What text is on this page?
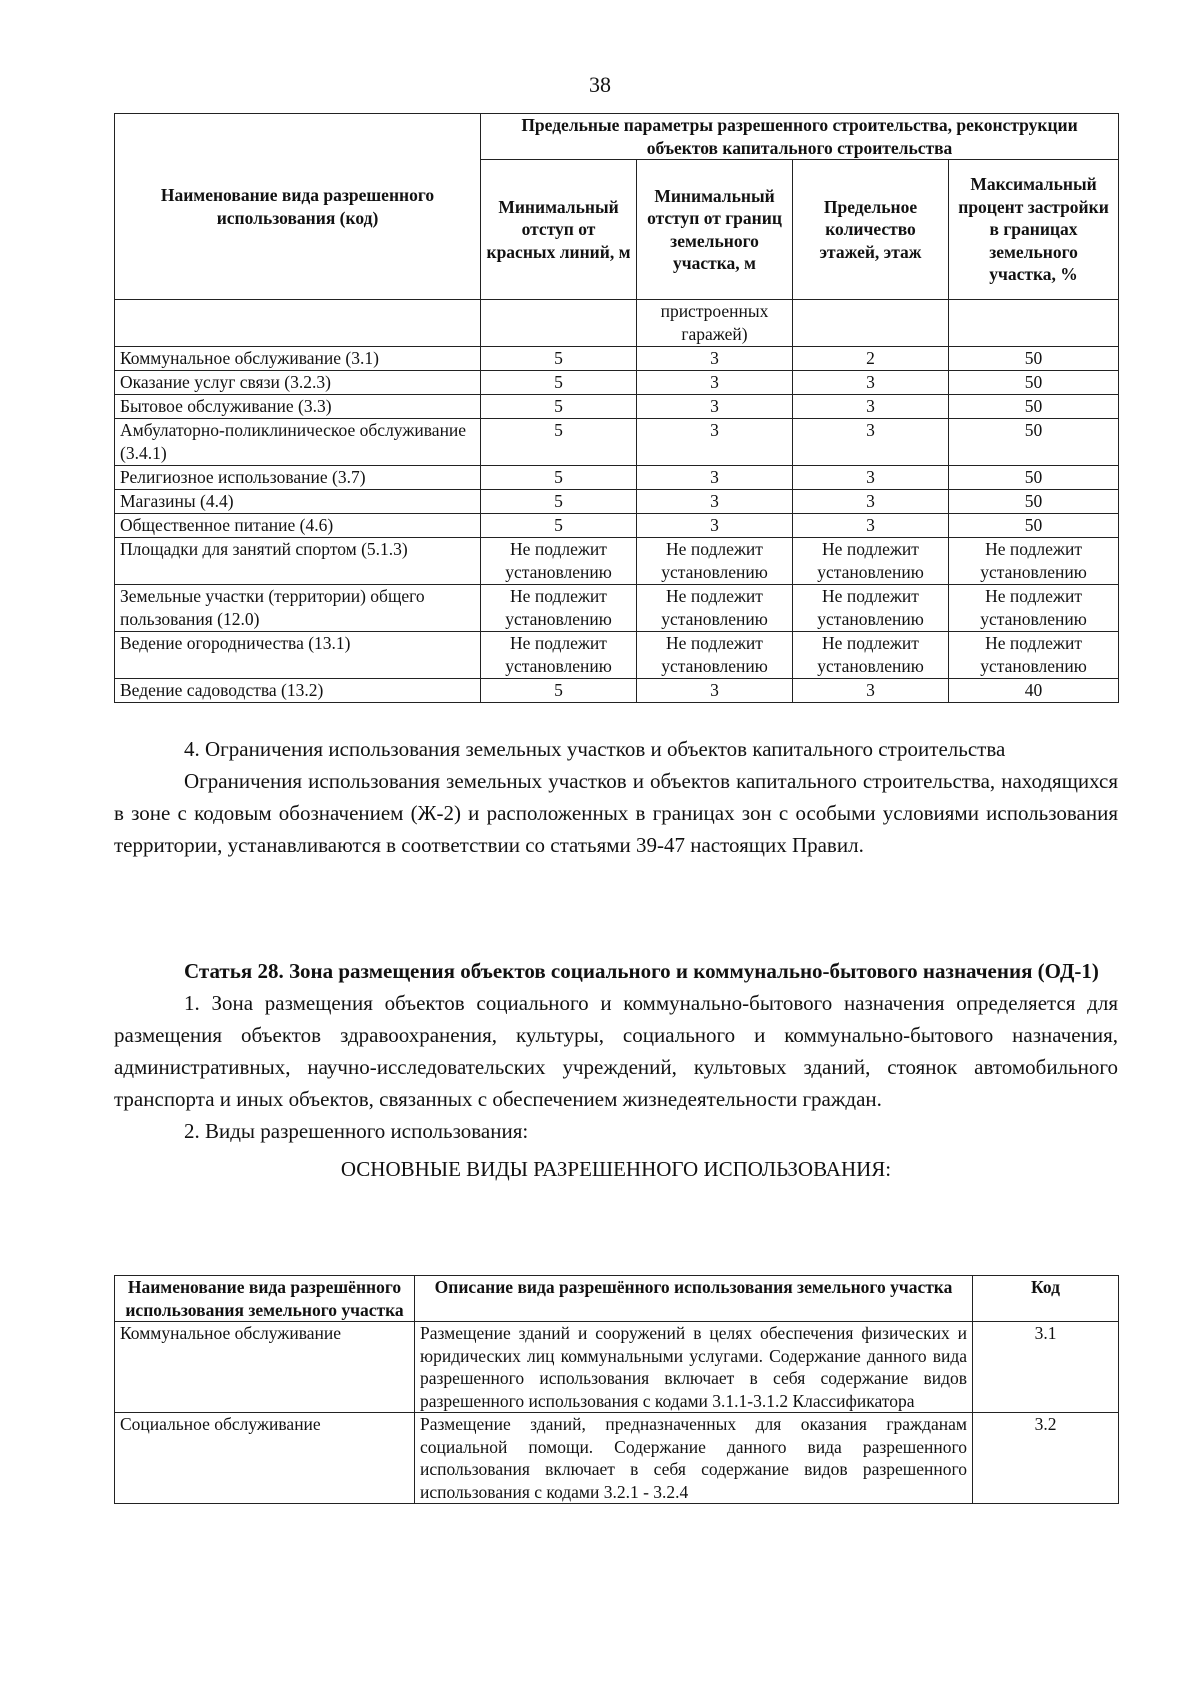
38
Наименование вида разрешенного использования (код)	Предельные параметры разрешенного строительства, реконструкции объектов капитального строительства			
	Минимальный отступ от красных линий, м	Минимальный отступ от границ земельного участка, м	Предельное количество этажей, этаж	Максимальный процент застройки в границах земельного участка, %
		пристроенных гаражей)		
Коммунальное обслуживание (3.1)	5	3	2	50
Оказание услуг связи (3.2.3)	5	3	3	50
Бытовое обслуживание (3.3)	5	3	3	50
Амбулаторно-поликлиническое обслуживание (3.4.1)	5	3	3	50
Религиозное использование (3.7)	5	3	3	50
Магазины (4.4)	5	3	3	50
Общественное питание (4.6)	5	3	3	50
Площадки для занятий спортом (5.1.3)	Не подлежит установлению	Не подлежит установлению	Не подлежит установлению	Не подлежит установлению
Земельные участки (территории) общего пользования (12.0)	Не подлежит установлению	Не подлежит установлению	Не подлежит установлению	Не подлежит установлению
Ведение огородничества (13.1)	Не подлежит установлению	Не подлежит установлению	Не подлежит установлению	Не подлежит установлению
Ведение садоводства (13.2)	5	3	3	40

4. Ограничения использования земельных участков и объектов капитального строительства

Ограничения использования земельных участков и объектов капитального строительства, находящихся в зоне с кодовым обозначением (Ж-2) и расположенных в границах зон с особыми условиями использования территории, устанавливаются в соответствии со статьями 39-47 настоящих Правил.

Статья 28. Зона размещения объектов социального и коммунально-бытового назначения (ОД-1)

1. Зона размещения объектов социального и коммунально-бытового назначения определяется для размещения объектов здравоохранения, культуры, социального и коммунально-бытового назначения, административных, научно-исследовательских учреждений, культовых зданий, стоянок автомобильного транспорта и иных объектов, связанных с обеспечением жизнедеятельности граждан.

2. Виды разрешенного использования:

ОСНОВНЫЕ ВИДЫ РАЗРЕШЕННОГО ИСПОЛЬЗОВАНИЯ:

Наименование вида разрешённого использования земельного участка	Описание вида разрешённого использования земельного участка	Код
Коммунальное обслуживание	Размещение зданий и сооружений в целях обеспечения физических и юридических лиц коммунальными услугами. Содержание данного вида разрешенного использования включает в себя содержание видов разрешенного использования с кодами 3.1.1-3.1.2 Классификатора	3.1
Социальное обслуживание	Размещение зданий, предназначенных для оказания гражданам социальной помощи. Содержание данного вида разрешенного использования включает в себя содержание видов разрешенного использования с кодами 3.2.1 - 3.2.4	3.2
